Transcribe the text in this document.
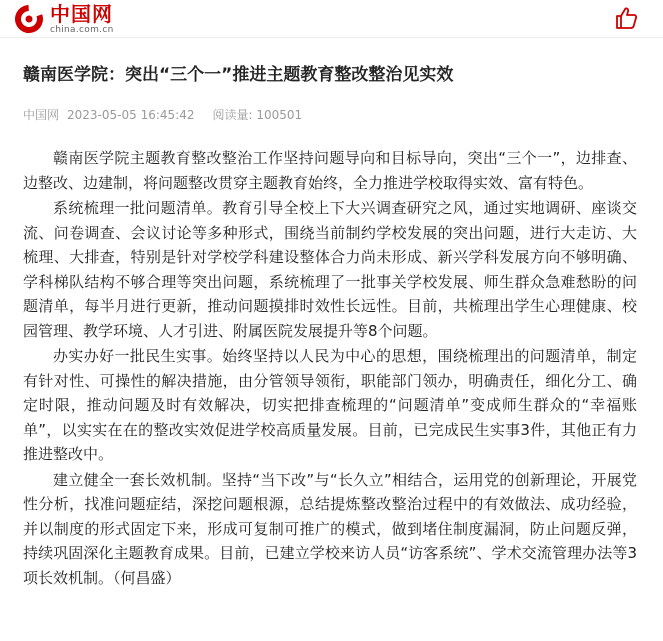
中国网
china.com.cn
赣南医学院：突出“三个一”推进主题教育整改整治见实效
中国网 2023-05-05 16:45:42 阅读量: 100501

赣南医学院主题教育整改整治工作坚持问题导向和目标导向，突出“三个一”，边排查、边整改、边建制，将问题整改贯穿主题教育始终，全力推进学校取得实效、富有特色。

系统梳理一批问题清单。教育引导全校上下大兴调查研究之风，通过实地调研、座谈交流、问卷调查、会议讨论等多种形式，围绕当前制约学校发展的突出问题，进行大走访、大梳理、大排查，特别是针对学校学科建设整体合力尚未形成、新兴学科发展方向不够明确、学科梯队结构不够合理等突出问题，系统梳理了一批事关学校发展、师生群众急难愁盼的问题清单，每半月进行更新，推动问题摸排时效性长远性。目前，共梳理出学生心理健康、校园管理、教学环境、人才引进、附属医院发展提升等8个问题。

办实办好一批民生实事。始终坚持以人民为中心的思想，围绕梳理出的问题清单，制定有针对性、可操性的解决措施，由分管领导领衔，职能部门领办，明确责任，细化分工、确定时限，推动问题及时有效解决，切实把排查梳理的“问题清单”变成师生群众的“幸福账单”，以实实在在的整改实效促进学校高质量发展。目前，已完成民生实事3件，其他正有力推进整改中。

建立健全一套长效机制。坚持“当下改”与“长久立”相结合，运用党的创新理论，开展党性分析，找准问题症结，深挖问题根源，总结提炼整改整治过程中的有效做法、成功经验，并以制度的形式固定下来，形成可复制可推广的模式，做到堵住制度漏洞，防止问题反弹，持续巩固深化主题教育成果。目前，已建立学校来访人员“访客系统”、学术交流管理办法等3项长效机制。（何昌盛）
